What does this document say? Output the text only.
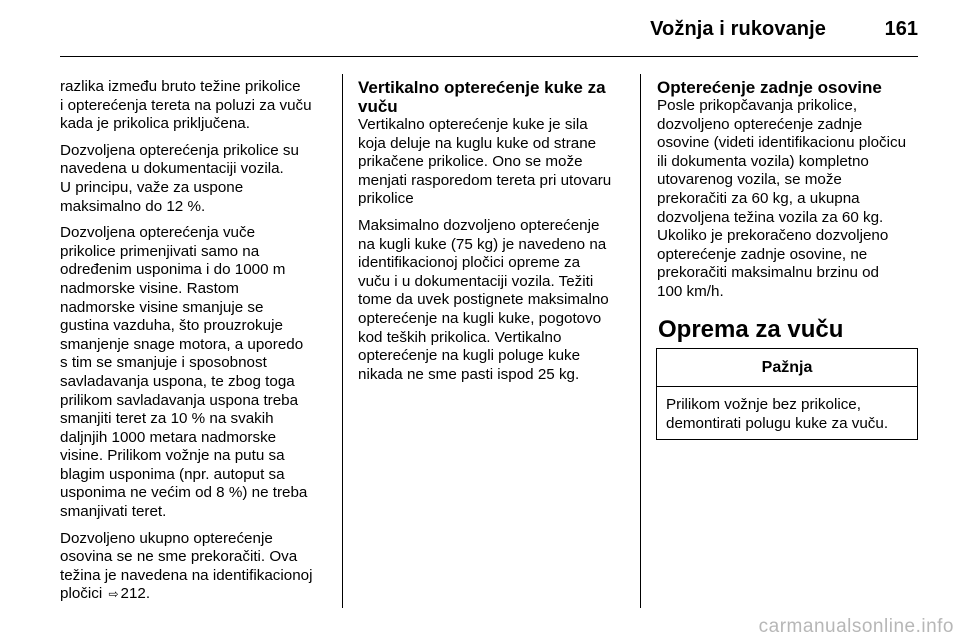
Vožnja i rukovanje	161

razlika između bruto težine prikolice
i opterećenja tereta na poluzi za vuču
kada je prikolica priključena.

Dozvoljena opterećenja prikolice su
navedena u dokumentaciji vozila.
U principu, važe za uspone
maksimalno do 12 %.

Dozvoljena opterećenja vuče
prikolice primenjivati samo na
određenim usponima i do 1000 m
nadmorske visine. Rastom
nadmorske visine smanjuje se
gustina vazduha, što prouzrokuje
smanjenje snage motora, a uporedo
s tim se smanjuje i sposobnost
savladavanja uspona, te zbog toga
prilikom savladavanja uspona treba
smanjiti teret za 10 % na svakih
daljnjih 1000 metara nadmorske
visine. Prilikom vožnje na putu sa
blagim usponima (npr. autoput sa
usponima ne većim od 8 %) ne treba
smanjivati teret.

Dozvoljeno ukupno opterećenje
osovina se ne sme prekoračiti. Ova
težina je navedena na identifikacionoj
pločici ⇨ 212.

Vertikalno opterećenje kuke za
vuču

Vertikalno opterećenje kuke je sila
koja deluje na kuglu kuke od strane
prikačene prikolice. Ono se može
menjati rasporedom tereta pri utovaru
prikolice

Maksimalno dozvoljeno opterećenje
na kugli kuke (75 kg) je navedeno na
identifikacionoj pločici opreme za
vuču i u dokumentaciji vozila. Težiti
tome da uvek postignete maksimalno
opterećenje na kugli kuke, pogotovo
kod teških prikolica. Vertikalno
opterećenje na kugli poluge kuke
nikada ne sme pasti ispod 25 kg.

Opterećenje zadnje osovine

Posle prikopčavanja prikolice,
dozvoljeno opterećenje zadnje
osovine (videti identifikacionu pločicu
ili dokumenta vozila) kompletno
utovarenog vozila, se može
prekoračiti za 60 kg, a ukupna
dozvoljena težina vozila za 60 kg.
Ukoliko je prekoračeno dozvoljeno
opterećenje zadnje osovine, ne
prekoračiti maksimalnu brzinu od
100 km/h.

Oprema za vuču
Pažnja
Prilikom vožnje bez prikolice,
demontirati polugu kuke za vuču.
carmanualsonline.info
